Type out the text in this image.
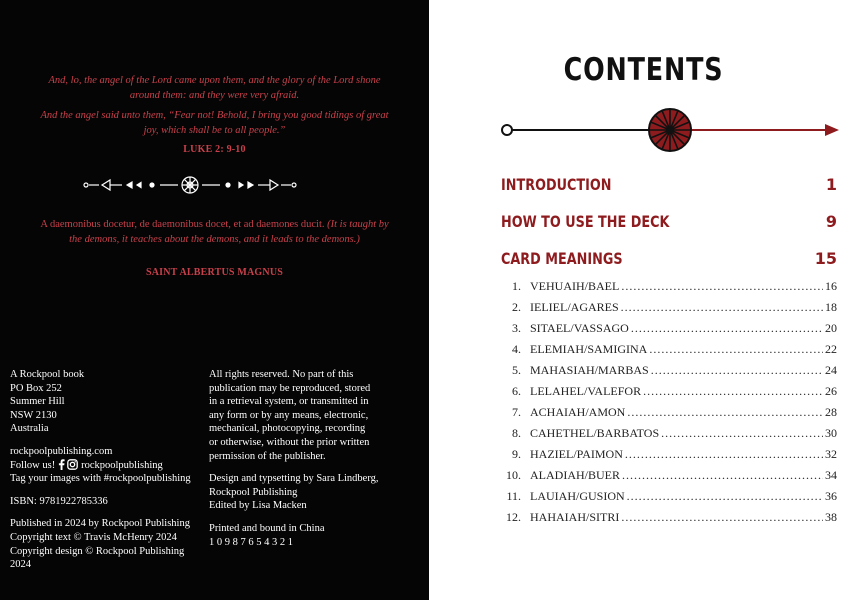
And, lo, the angel of the Lord came upon them, and the glory of the Lord shone around them: and they were very afraid.
And the angel said unto them, “Fear not! Behold, I bring you good tidings of great joy, which shall be to all people.”
LUKE 2: 9-10
A daemonibus docetur, de daemonibus docet, et ad daemones ducit. (It is taught by the demons, it teaches about the demons, and it leads to the demons.)
SAINT ALBERTUS MAGNUS
A Rockpool book
PO Box 252
Summer Hill
NSW 2130
Australia
rockpoolpublishing.com
Follow us! rockpoolpublishing
Tag your images with #rockpoolpublishing
ISBN: 9781922785336
Published in 2024 by Rockpool Publishing
Copyright text © Travis McHenry 2024
Copyright design © Rockpool Publishing
2024
All rights reserved. No part of this
publication may be reproduced, stored
in a retrieval system, or transmitted in
any form or by any means, electronic,
mechanical, photocopying, recording
or otherwise, without the prior written
permission of the publisher.
Design and typsetting by Sara Lindberg,
Rockpool Publishing
Edited by Lisa Macken
Printed and bound in China
1 0 9 8 7 6 5 4 3 2 1
CONTENTS
INTRODUCTION	1
HOW TO USE THE DECK	9
CARD MEANINGS	15
1. VEHUAIH/BAEL .....	16
2. IELIEL/AGARES .....	18
3. SITAEL/VASSAGO .....	20
4. ELEMIAH/SAMIGINA .....	22
5. MAHASIAH/MARBAS .....	24
6. LELAHEL/VALEFOR .....	26
7. ACHAIAH/AMON .....	28
8. CAHETHEL/BARBATOS .....	30
9. HAZIEL/PAIMON .....	32
10. ALADIAH/BUER .....	34
11. LAUIAH/GUSION .....	36
12. HAHAIAH/SITRI .....	38
